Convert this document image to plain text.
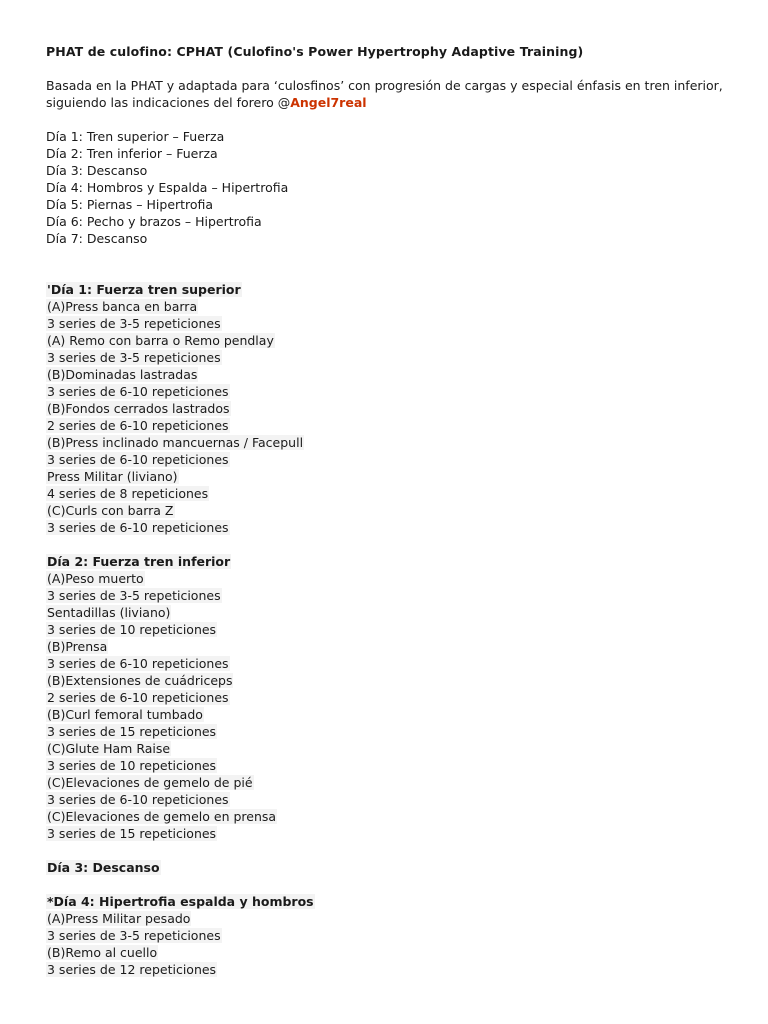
PHAT de culofino: CPHAT (Culofino's Power Hypertrophy Adaptive Training)
Basada en la PHAT y adaptada para ‘culosfinos’ con progresión de cargas y especial énfasis en tren inferior, siguiendo las indicaciones del forero @Angel7real
Día 1: Tren superior – Fuerza
Día 2: Tren inferior – Fuerza
Día 3: Descanso
Día 4: Hombros y Espalda – Hipertrofia
Día 5: Piernas – Hipertrofia
Día 6: Pecho y brazos – Hipertrofia
Día 7: Descanso
'Día 1: Fuerza tren superior
(A)Press banca en barra
3 series de 3-5 repeticiones
(A) Remo con barra o Remo pendlay
3 series de 3-5 repeticiones
(B)Dominadas lastradas
3 series de 6-10 repeticiones
(B)Fondos cerrados lastrados
2 series de 6-10 repeticiones
(B)Press inclinado mancuernas / Facepull
3 series de 6-10 repeticiones
Press Militar (liviano)
4 series de 8 repeticiones
(C)Curls con barra Z
3 series de 6-10 repeticiones
Día 2: Fuerza tren inferior
(A)Peso muerto
3 series de 3-5 repeticiones
Sentadillas (liviano)
3 series de 10 repeticiones
(B)Prensa
3 series de 6-10 repeticiones
(B)Extensiones de cuádriceps
2 series de 6-10 repeticiones
(B)Curl femoral tumbado
3 series de 15 repeticiones
(C)Glute Ham Raise
3 series de 10 repeticiones
(C)Elevaciones de gemelo de pié
3 series de 6-10 repeticiones
(C)Elevaciones de gemelo en prensa
3 series de 15 repeticiones
Día 3: Descanso
*Día 4: Hipertrofia espalda y hombros
(A)Press Militar pesado
3 series de 3-5 repeticiones
(B)Remo al cuello
3 series de 12 repeticiones
